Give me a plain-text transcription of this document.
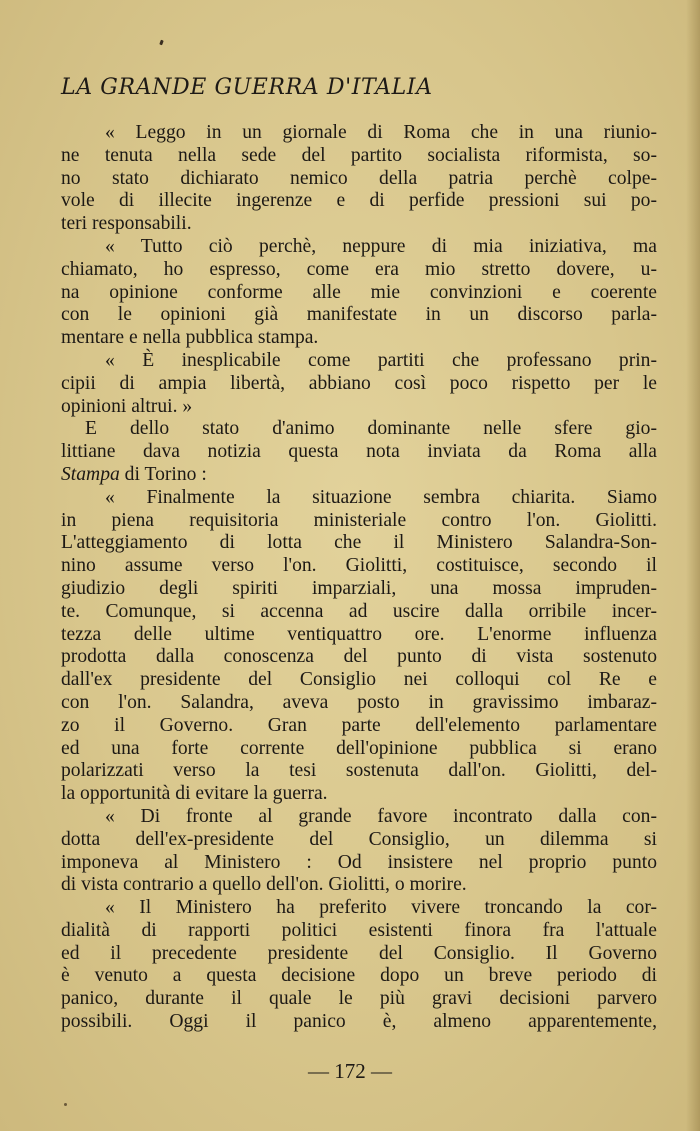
LA GRANDE GUERRA D'ITALIA
« Leggo in un giornale di Roma che in una riunio-
ne tenuta nella sede del partito socialista riformista, so-
no stato dichiarato nemico della patria perchè colpe-
vole di illecite ingerenze e di perfide pressioni sui po-
teri responsabili.
« Tutto ciò perchè, neppure di mia iniziativa, ma
chiamato, ho espresso, come era mio stretto dovere, u-
na opinione conforme alle mie convinzioni e coerente
con le opinioni già manifestate in un discorso parla-
mentare e nella pubblica stampa.
« È inesplicabile come partiti che professano prin-
cipii di ampia libertà, abbiano così poco rispetto per le
opinioni altrui. »
E dello stato d'animo dominante nelle sfere gio-
littiane dava notizia questa nota inviata da Roma alla
Stampa di Torino :
« Finalmente la situazione sembra chiarita. Siamo
in piena requisitoria ministeriale contro l'on. Giolitti.
L'atteggiamento di lotta che il Ministero Salandra-Son-
nino assume verso l'on. Giolitti, costituisce, secondo il
giudizio degli spiriti imparziali, una mossa impruden-
te. Comunque, si accenna ad uscire dalla orribile incer-
tezza delle ultime ventiquattro ore. L'enorme influenza
prodotta dalla conoscenza del punto di vista sostenuto
dall'ex presidente del Consiglio nei colloqui col Re e
con l'on. Salandra, aveva posto in gravissimo imbaraz-
zo il Governo. Gran parte dell'elemento parlamentare
ed una forte corrente dell'opinione pubblica si erano
polarizzati verso la tesi sostenuta dall'on. Giolitti, del-
la opportunità di evitare la guerra.
« Di fronte al grande favore incontrato dalla con-
dotta dell'ex-presidente del Consiglio, un dilemma si
imponeva al Ministero : Od insistere nel proprio punto
di vista contrario a quello dell'on. Giolitti, o morire.
« Il Ministero ha preferito vivere troncando la cor-
dialità di rapporti politici esistenti finora fra l'attuale
ed il precedente presidente del Consiglio. Il Governo
è venuto a questa decisione dopo un breve periodo di
panico, durante il quale le più gravi decisioni parvero
possibili. Oggi il panico è, almeno apparentemente,
— 172 —
